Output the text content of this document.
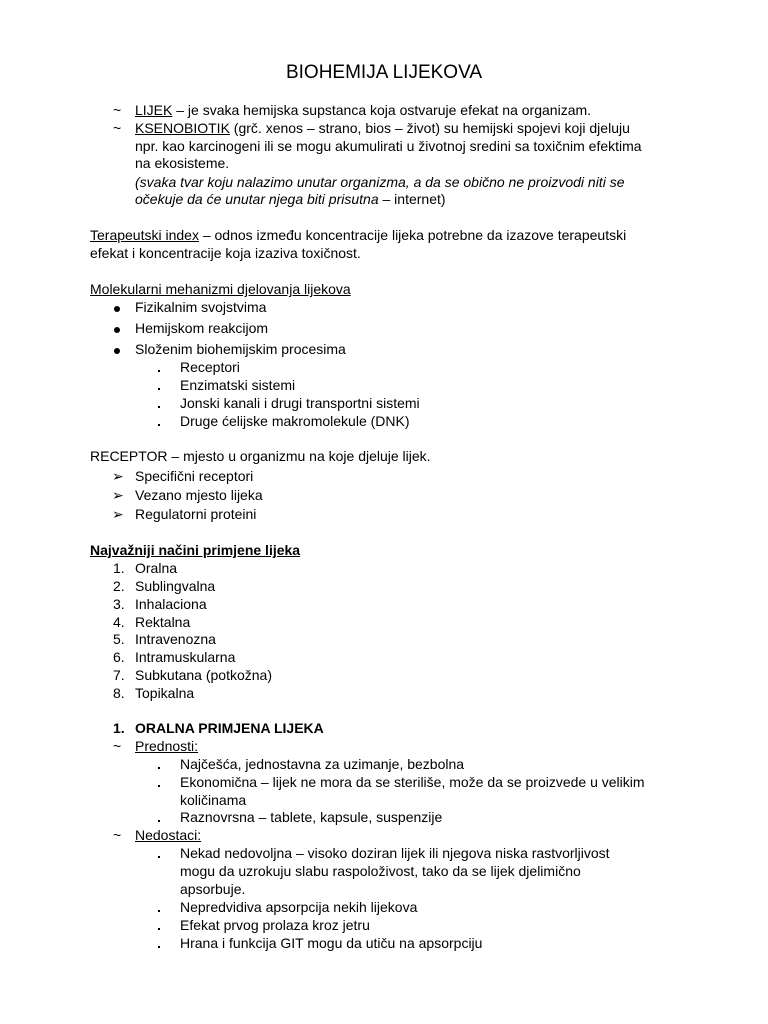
BIOHEMIJA LIJEKOVA
~ LIJEK – je svaka hemijska supstanca koja ostvaruje efekat na organizam.
~ KSENOBIOTIK (grč. xenos – strano, bios – život) su hemijski spojevi koji djeluju
npr. kao karcinogeni ili se mogu akumulirati u životnoj sredini sa toxičnim efektima
na ekosisteme.
(svaka tvar koju nalazimo unutar organizma, a da se obično ne proizvodi niti se
očekuje da će unutar njega biti prisutna – internet)
Terapeutski index – odnos između koncentracije lijeka potrebne da izazove terapeutski
efekat i koncentracije koja izaziva toxičnost.
Molekularni mehanizmi djelovanja lijekova
Fizikalnim svojstvima
Hemijskom reakcijom
Složenim biohemijskim procesima
Receptori
Enzimatski sistemi
Jonski kanali i drugi transportni sistemi
Druge ćelijske makromolekule (DNK)
RECEPTOR – mjesto u organizmu na koje djeluje lijek.
➢ Specifični receptori
➢ Vezano mjesto lijeka
➢ Regulatorni proteini
Najvažniji načini primjene lijeka
1. Oralna
2. Sublingvalna
3. Inhalaciona
4. Rektalna
5. Intravenozna
6. Intramuskularna
7. Subkutana (potkožna)
8. Topikalna
1. ORALNA PRIMJENA LIJEKA
~ Prednosti:
Najčešća, jednostavna za uzimanje, bezbolna
Ekonomična – lijek ne mora da se steriliše, može da se proizvede u velikim
količinama
Raznovrsna – tablete, kapsule, suspenzije
~ Nedostaci:
Nekad nedovoljna – visoko doziran lijek ili njegova niska rastvorljivost
mogu da uzrokuju slabu raspoloživost, tako da se lijek djelimično
apsorbuje.
Nepredvidiva apsorpcija nekih lijekova
Efekat prvog prolaza kroz jetru
Hrana i funkcija GIT mogu da utiču na apsorpciju
